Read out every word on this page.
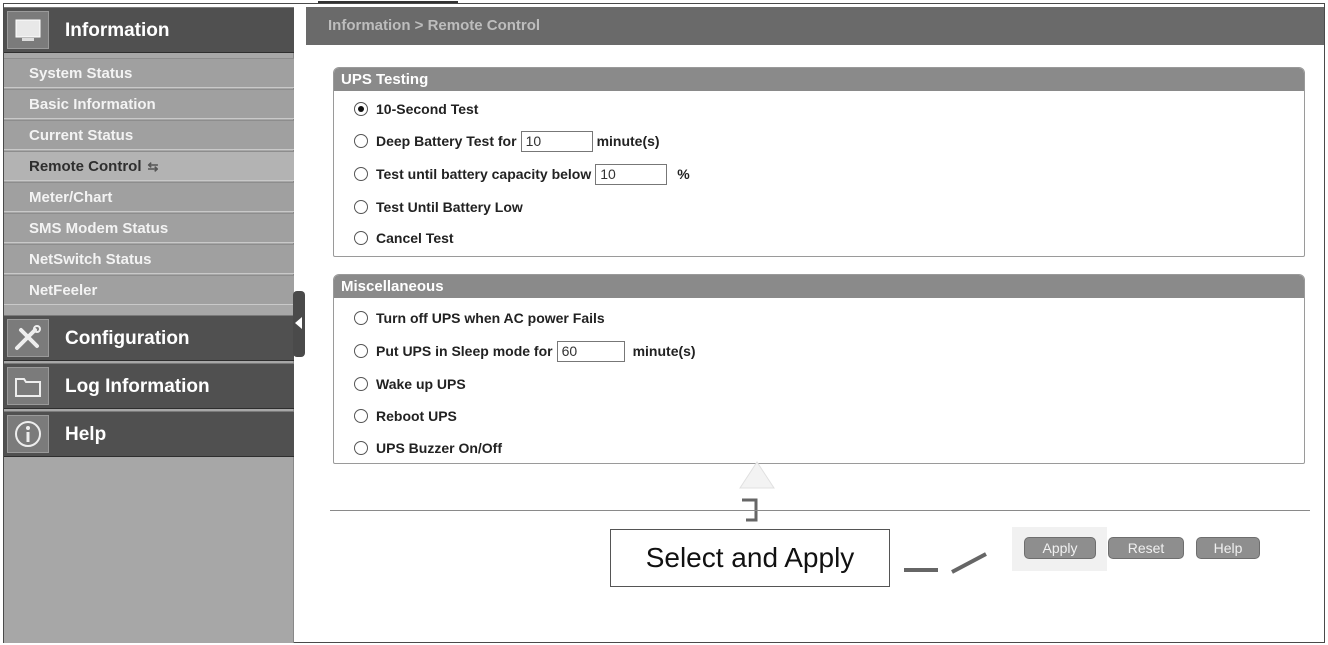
Information
System Status
Basic Information
Current Status
Remote Control ⇆
Meter/Chart
SMS Modem Status
NetSwitch Status
NetFeeler
Configuration
Log Information
Help
Information > Remote Control
UPS Testing
10-Second Test
Deep Battery Test for
10	minute(s)
Test until battery capacity below
10	%
Test Until Battery Low
Cancel Test
Miscellaneous
Turn off UPS when AC power Fails
Put UPS in Sleep mode for
60	minute(s)
Wake up UPS
Reboot UPS
UPS Buzzer On/Off
Select and Apply	Apply	Reset	Help
